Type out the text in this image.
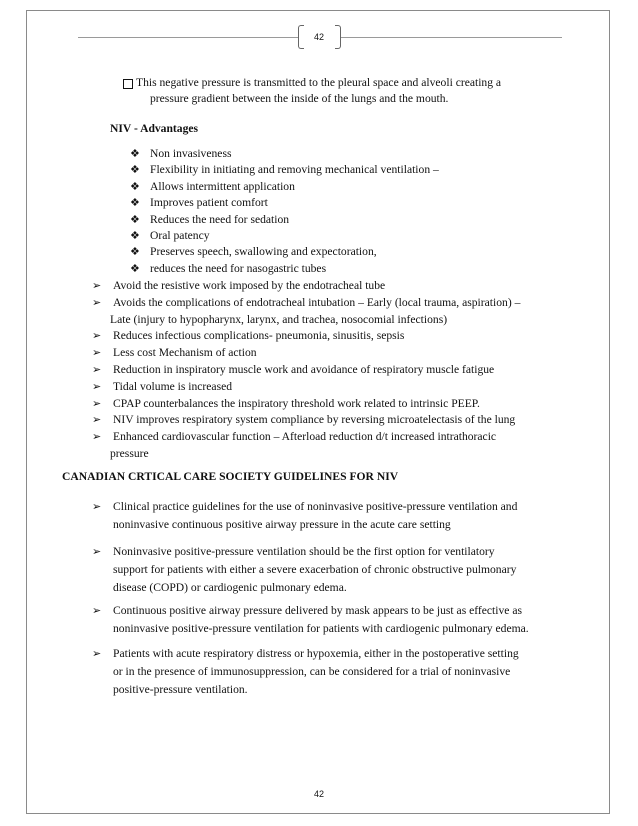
42
This negative pressure is transmitted to the pleural space and alveoli creating a
pressure gradient between the inside of the lungs and the mouth.
NIV - Advantages
❖ Non invasiveness
❖ Flexibility in initiating and removing mechanical ventilation –
❖ Allows intermittent application
❖ Improves patient comfort
❖ Reduces the need for sedation
❖ Oral patency
❖ Preserves speech, swallowing and expectoration,
❖ reduces the need for nasogastric tubes
➢ Avoid the resistive work imposed by the endotracheal tube
➢ Avoids the complications of endotracheal intubation – Early (local trauma, aspiration) –
Late (injury to hypopharynx, larynx, and trachea, nosocomial infections)
➢ Reduces infectious complications- pneumonia, sinusitis, sepsis
➢ Less cost Mechanism of action
➢ Reduction in inspiratory muscle work and avoidance of respiratory muscle fatigue
➢ Tidal volume is increased
➢ CPAP counterbalances the inspiratory threshold work related to intrinsic PEEP.
➢ NIV improves respiratory system compliance by reversing microatelectasis of the lung
➢ Enhanced cardiovascular function – Afterload reduction d/t increased intrathoracic
pressure
CANADIAN CRTICAL CARE SOCIETY GUIDELINES FOR NIV
➢ Clinical practice guidelines for the use of noninvasive positive-pressure ventilation and
noninvasive continuous positive airway pressure in the acute care setting
➢ Noninvasive positive-pressure ventilation should be the first option for ventilatory
support for patients with either a severe exacerbation of chronic obstructive pulmonary
disease (COPD) or cardiogenic pulmonary edema.
➢ Continuous positive airway pressure delivered by mask appears to be just as effective as
noninvasive positive-pressure ventilation for patients with cardiogenic pulmonary edema.
➢ Patients with acute respiratory distress or hypoxemia, either in the postoperative setting
or in the presence of immunosuppression, can be considered for a trial of noninvasive
positive-pressure ventilation.
42
